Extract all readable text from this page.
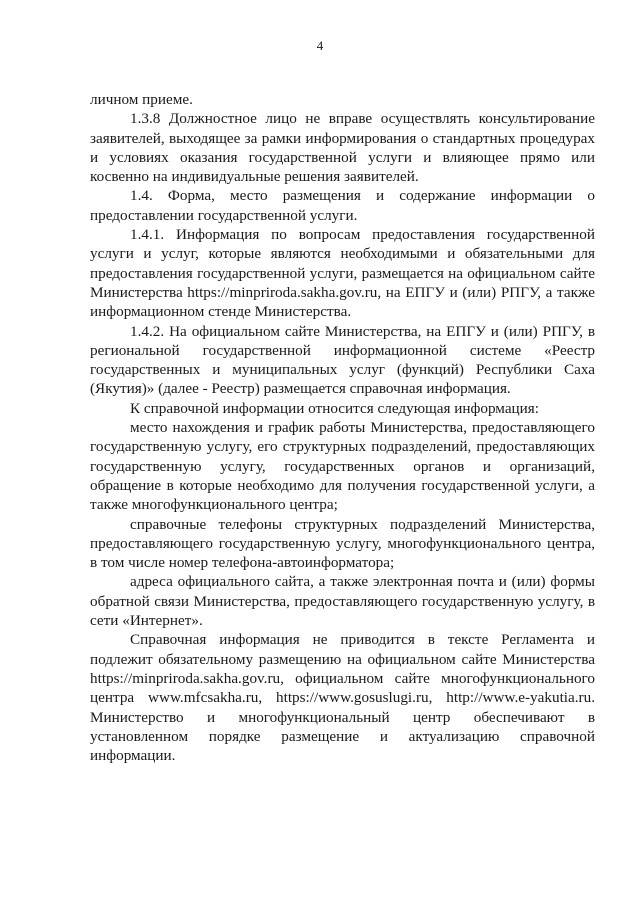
4

личном приеме.

1.3.8 Должностное лицо не вправе осуществлять консультирование заявителей, выходящее за рамки информирования о стандартных процедурах и условиях оказания государственной услуги и влияющее прямо или косвенно на индивидуальные решения заявителей.

1.4. Форма, место размещения и содержание информации о предоставлении государственной услуги.

1.4.1. Информация по вопросам предоставления государственной услуги и услуг, которые являются необходимыми и обязательными для предоставления государственной услуги, размещается на официальном сайте Министерства https://minpriroda.sakha.gov.ru, на ЕПГУ и (или) РПГУ, а также информационном стенде Министерства.

1.4.2. На официальном сайте Министерства, на ЕПГУ и (или) РПГУ, в региональной государственной информационной системе «Реестр государственных и муниципальных услуг (функций) Республики Саха (Якутия)» (далее - Реестр) размещается справочная информация.

К справочной информации относится следующая информация:

место нахождения и график работы Министерства, предоставляющего государственную услугу, его структурных подразделений, предоставляющих государственную услугу, государственных органов и организаций, обращение в которые необходимо для получения государственной услуги, а также многофункционального центра;

справочные телефоны структурных подразделений Министерства, предоставляющего государственную услугу, многофункционального центра, в том числе номер телефона-автоинформатора;

адреса официального сайта, а также электронная почта и (или) формы обратной связи Министерства, предоставляющего государственную услугу, в сети «Интернет».

Справочная информация не приводится в тексте Регламента и подлежит обязательному размещению на официальном сайте Министерства https://minpriroda.sakha.gov.ru, официальном сайте многофункционального центра www.mfcsakha.ru, https://www.gosuslugi.ru, http://www.e-yakutia.ru. Министерство и многофункциональный центр обеспечивают в установленном порядке размещение и актуализацию справочной информации.
